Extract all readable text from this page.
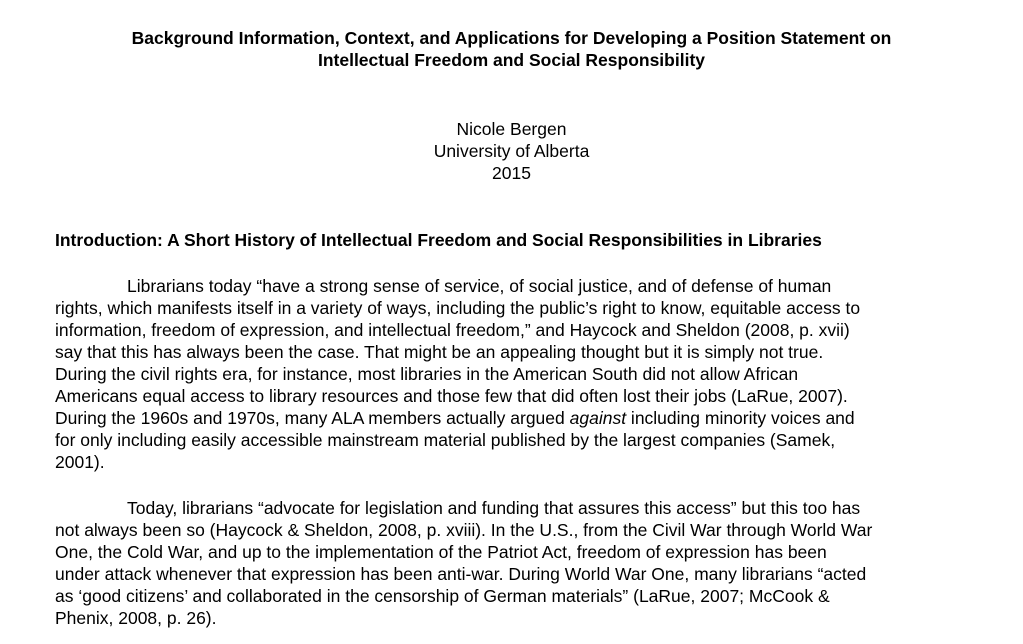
Background Information, Context, and Applications for Developing a Position Statement on
Intellectual Freedom and Social Responsibility
Nicole Bergen
University of Alberta
2015
Introduction: A Short History of Intellectual Freedom and Social Responsibilities in Libraries
Librarians today “have a strong sense of service, of social justice, and of defense of human
rights, which manifests itself in a variety of ways, including the public’s right to know, equitable access to
information, freedom of expression, and intellectual freedom,” and Haycock and Sheldon (2008, p. xvii)
say that this has always been the case. That might be an appealing thought but it is simply not true.
During the civil rights era, for instance, most libraries in the American South did not allow African
Americans equal access to library resources and those few that did often lost their jobs (LaRue, 2007).
During the 1960s and 1970s, many ALA members actually argued against including minority voices and
for only including easily accessible mainstream material published by the largest companies (Samek,
2001).
Today, librarians “advocate for legislation and funding that assures this access” but this too has
not always been so (Haycock & Sheldon, 2008, p. xviii). In the U.S., from the Civil War through World War
One, the Cold War, and up to the implementation of the Patriot Act, freedom of expression has been
under attack whenever that expression has been anti-war. During World War One, many librarians “acted
as ‘good citizens’ and collaborated in the censorship of German materials” (LaRue, 2007; McCook &
Phenix, 2008, p. 26).
